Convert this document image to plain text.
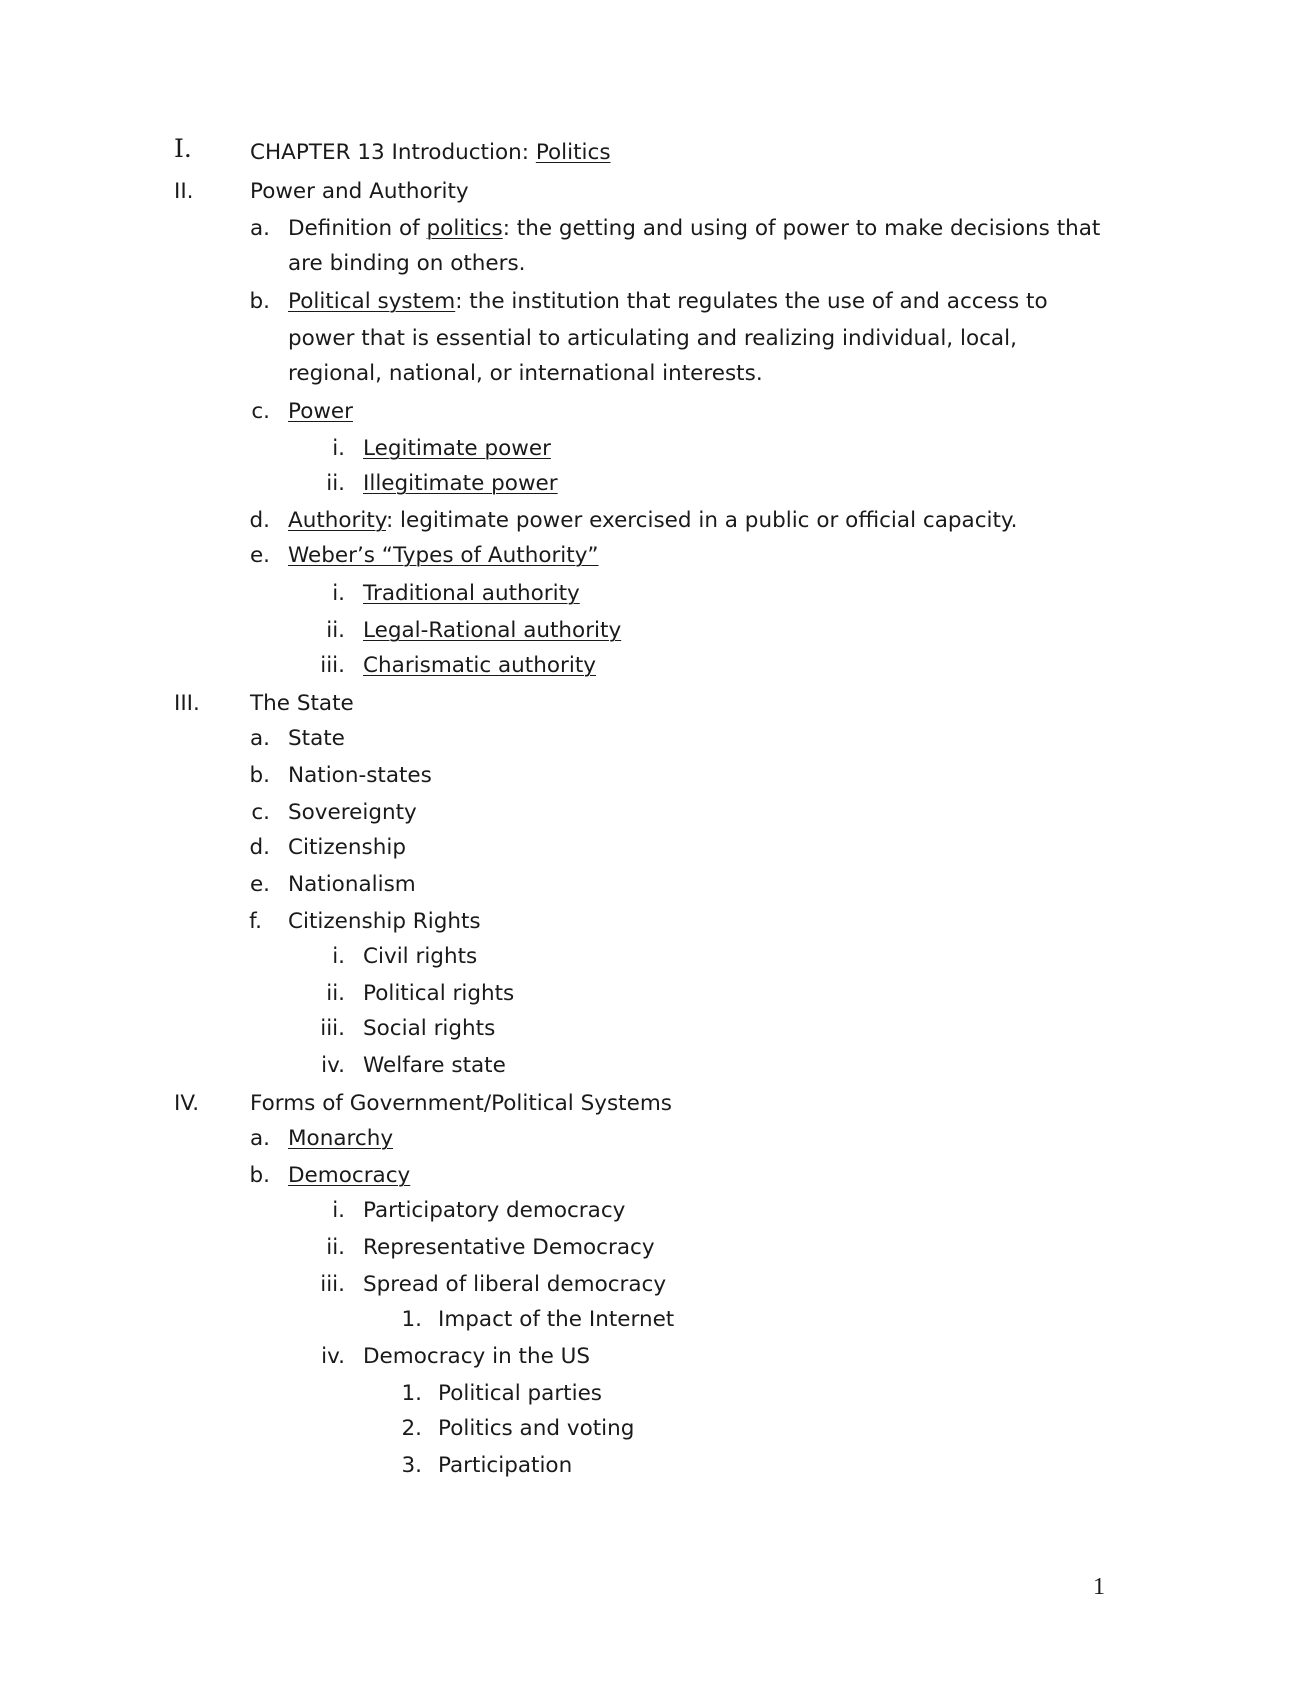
I.	CHAPTER 13 Introduction: Politics
II.	Power and Authority
a. Definition of politics: the getting and using of power to make decisions that
are binding on others.
b. Political system: the institution that regulates the use of and access to
power that is essential to articulating and realizing individual, local,
regional, national, or international interests.
c. Power
i. Legitimate power
ii. Illegitimate power
d. Authority: legitimate power exercised in a public or official capacity.
e. Weber’s “Types of Authority”
i. Traditional authority
ii. Legal-Rational authority
iii. Charismatic authority
III. The State
a. State
b. Nation-states
c. Sovereignty
d. Citizenship
e. Nationalism
f. Citizenship Rights
i. Civil rights
ii. Political rights
iii. Social rights
iv. Welfare state
IV. Forms of Government/Political Systems
a. Monarchy
b. Democracy
i. Participatory democracy
ii. Representative Democracy
iii. Spread of liberal democracy
1. Impact of the Internet
iv. Democracy in the US
1. Political parties
2. Politics and voting
3. Participation
1
